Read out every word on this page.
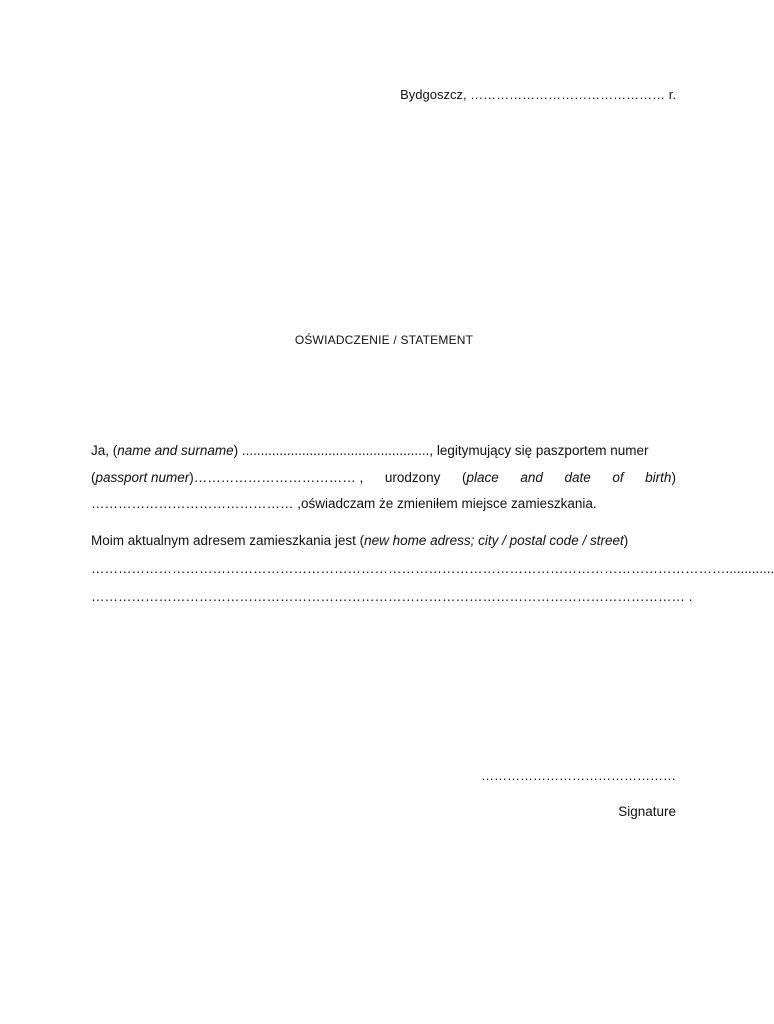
Bydgoszcz, ……………………………………… r.
OŚWIADCZENIE / STATEMENT
Ja, (name and surname) .................................................., legitymujący się paszportem numer
(passport numer)……………………………… , urodzony (place and date of birth)
……………………………………… ,oświadczam że zmieniłem miejsce zamieszkania.
Moim aktualnym adresem zamieszkania jest (new home adress; city / postal code / street)
…………………………………………………………………………………………………………………………….............
…………………………………………………………………………………………………………………… .
………………………………………
Signature
